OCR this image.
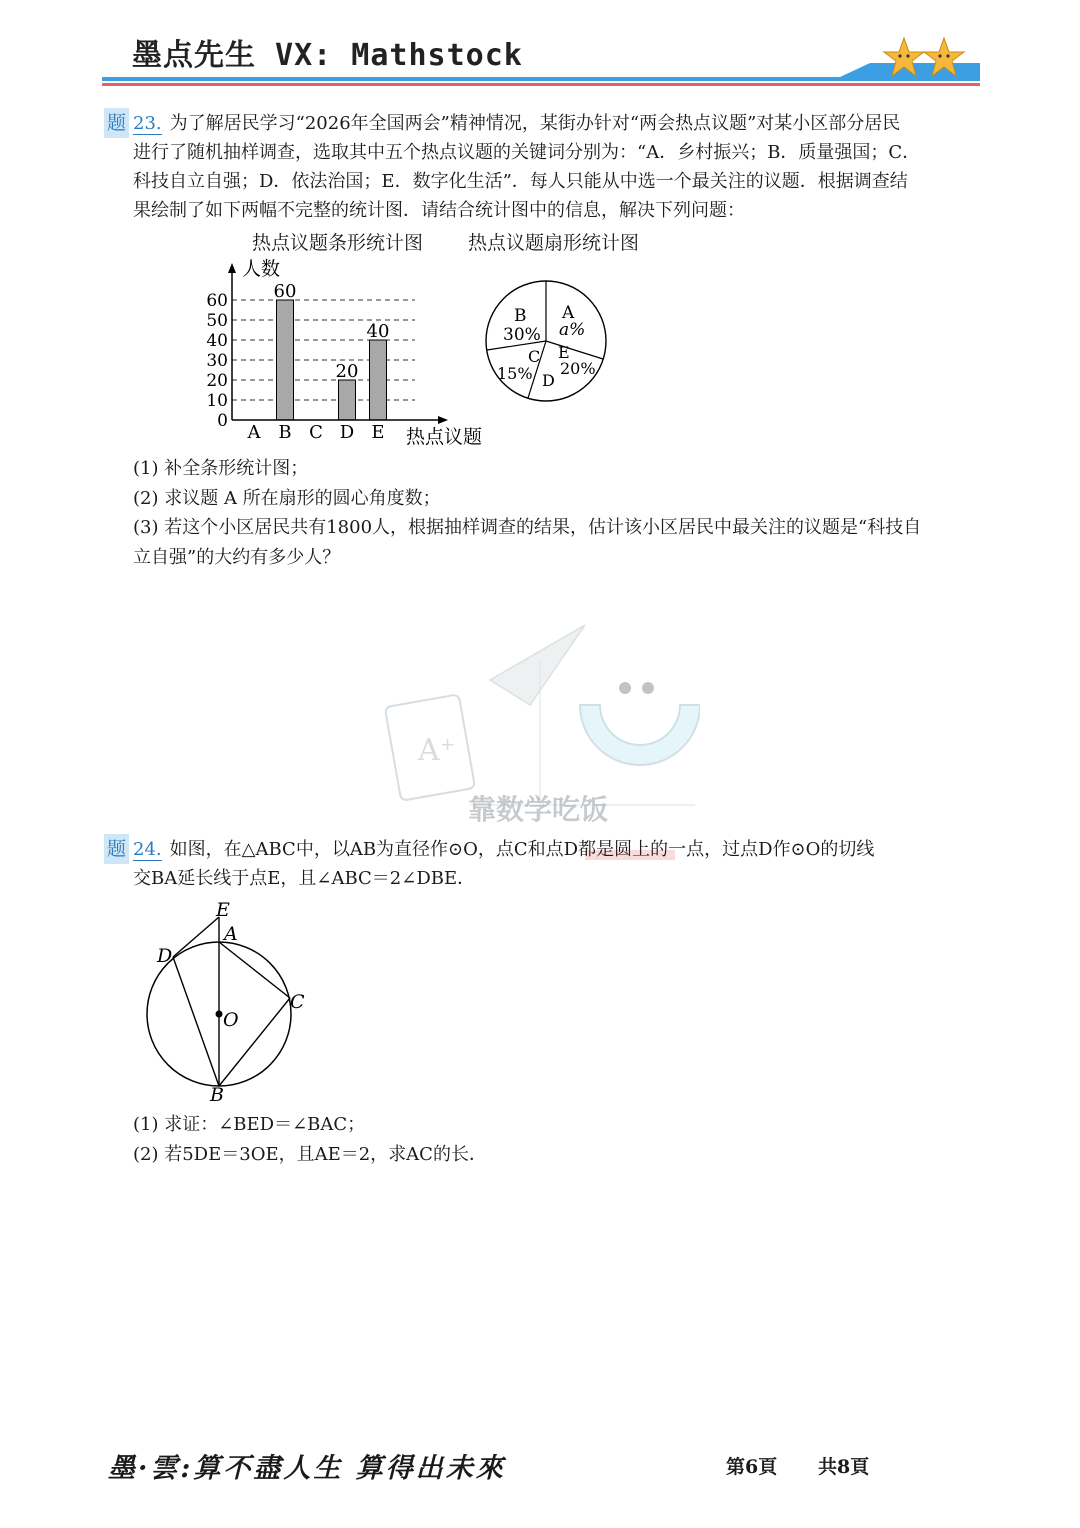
墨点先生 VX: Mathstock
题 23. 为了解居民学习“2026年全国两会”精神情况，某街办针对“两会热点议题”对某小区部分居民
进行了随机抽样调查，选取其中五个热点议题的关键词分别为：“A．乡村振兴；B．质量强国；C．
科技自立自强；D．依法治国；E．数字化生活”．每人只能从中选一个最关注的议题．根据调查结
果绘制了如下两幅不完整的统计图．请结合统计图中的信息，解决下列问题：
热点议题条形统计图 热点议题扇形统计图
0
10
20
30
40
50
60
A B C D E
60
20
40
人数
热点议题
A
a%
E
20%
D
C
15%
B
30%
(1) 补全条形统计图；
(2) 求议题 A 所在扇形的圆心角度数；
(3) 若这个小区居民共有1800人，根据抽样调查的结果，估计该小区居民中最关注的议题是“科技自
立自强”的大约有多少人？
A⁺
靠数学吃饭
题 24. 如图，在△ABC中，以AB为直径作⊙O，点C和点D都是圆上的一点，过点D作⊙O的切线
交BA延长线于点E，且∠ABC＝2∠DBE．
E
A
D
C
O
B
(1) 求证：∠BED＝∠BAC；
(2) 若5DE＝3OE，且AE＝2，求AC的长．
墨·雲:算不盡人生 算得出未來	第6頁 共8頁
